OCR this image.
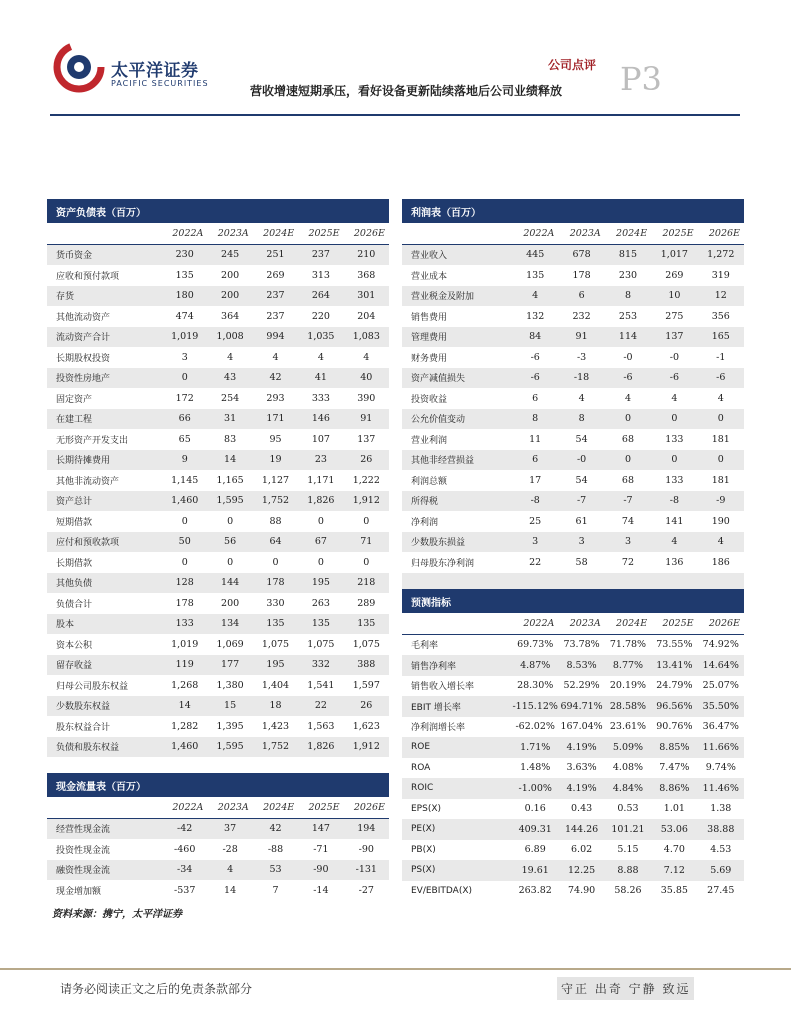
太平洋证券
PACIFIC SECURITIES
公司点评
营收增速短期承压，看好设备更新陆续落地后公司业绩释放 P3
资产负债表（百万）
	2022A	2023A	2024E	2025E	2026E
货币资金	230	245	251	237	210
应收和预付款项	135	200	269	313	368
存货	180	200	237	264	301
其他流动资产	474	364	237	220	204
流动资产合计	1,019	1,008	994	1,035	1,083
长期股权投资	3	4	4	4	4
投资性房地产	0	43	42	41	40
固定资产	172	254	293	333	390
在建工程	66	31	171	146	91
无形资产开发支出	65	83	95	107	137
长期待摊费用	9	14	19	23	26
其他非流动资产	1,145	1,165	1,127	1,171	1,222
资产总计	1,460	1,595	1,752	1,826	1,912
短期借款	0	0	88	0	0
应付和预收款项	50	56	64	67	71
长期借款	0	0	0	0	0
其他负债	128	144	178	195	218
负债合计	178	200	330	263	289
股本	133	134	135	135	135
资本公积	1,019	1,069	1,075	1,075	1,075
留存收益	119	177	195	332	388
归母公司股东权益	1,268	1,380	1,404	1,541	1,597
少数股东权益	14	15	18	22	26
股东权益合计	1,282	1,395	1,423	1,563	1,623
负债和股东权益	1,460	1,595	1,752	1,826	1,912
现金流量表（百万）
	2022A	2023A	2024E	2025E	2026E
经营性现金流	-42	37	42	147	194
投资性现金流	-460	-28	-88	-71	-90
融资性现金流	-34	4	53	-90	-131
现金增加额	-537	14	7	-14	-27
利润表（百万）
	2022A	2023A	2024E	2025E	2026E
营业收入	445	678	815	1,017	1,272
营业成本	135	178	230	269	319
营业税金及附加	4	6	8	10	12
销售费用	132	232	253	275	356
管理费用	84	91	114	137	165
财务费用	-6	-3	-0	-0	-1
资产减值损失	-6	-18	-6	-6	-6
投资收益	6	4	4	4	4
公允价值变动	8	8	0	0	0
营业利润	11	54	68	133	181
其他非经营损益	6	-0	0	0	0
利润总额	17	54	68	133	181
所得税	-8	-7	-7	-8	-9
净利润	25	61	74	141	190
少数股东损益	3	3	3	4	4
归母股东净利润	22	58	72	136	186
预测指标
	2022A	2023A	2024E	2025E	2026E
毛利率	69.73%	73.78%	71.78%	73.55%	74.92%
销售净利率	4.87%	8.53%	8.77%	13.41%	14.64%
销售收入增长率	28.30%	52.29%	20.19%	24.79%	25.07%
EBIT 增长率	-115.12%	694.71%	28.58%	96.56%	35.50%
净利润增长率	-62.02%	167.04%	23.61%	90.76%	36.47%
ROE	1.71%	4.19%	5.09%	8.85%	11.66%
ROA	1.48%	3.63%	4.08%	7.47%	9.74%
ROIC	-1.00%	4.19%	4.84%	8.86%	11.46%
EPS(X)	0.16	0.43	0.53	1.01	1.38
PE(X)	409.31	144.26	101.21	53.06	38.88
PB(X)	6.89	6.02	5.15	4.70	4.53
PS(X)	19.61	12.25	8.88	7.12	5.69
EV/EBITDA(X)	263.82	74.90	58.26	35.85	27.45
资料来源：携宁，太平洋证券
请务必阅读正文之后的免责条款部分	守正 出奇 宁静 致远
